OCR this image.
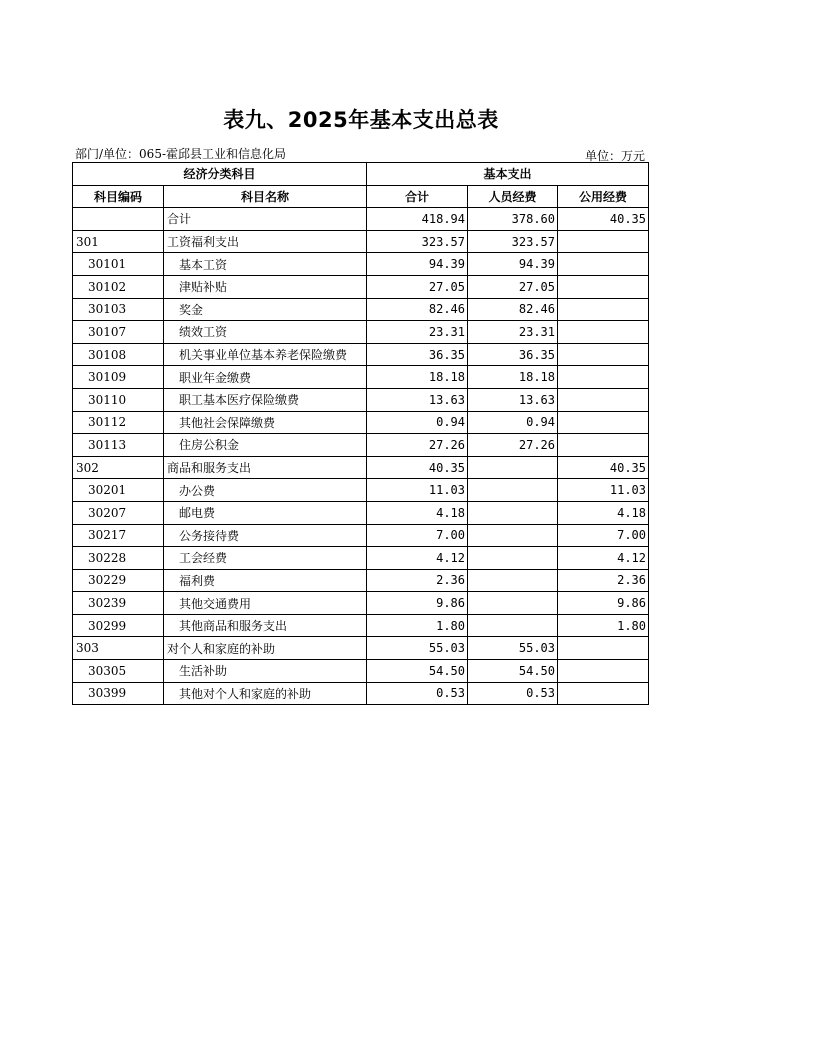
表九、2025年基本支出总表
部门/单位：065-霍邱县工业和信息化局	单位：万元
经济分类科目		基本支出		
科目编码	科目名称	合计	人员经费	公用经费
	合计	418.94	378.60	40.35
301	工资福利支出	323.57	323.57	
30101	基本工资	94.39	94.39	
30102	津贴补贴	27.05	27.05	
30103	奖金	82.46	82.46	
30107	绩效工资	23.31	23.31	
30108	机关事业单位基本养老保险缴费	36.35	36.35	
30109	职业年金缴费	18.18	18.18	
30110	职工基本医疗保险缴费	13.63	13.63	
30112	其他社会保障缴费	0.94	0.94	
30113	住房公积金	27.26	27.26	
302	商品和服务支出	40.35		40.35
30201	办公费	11.03		11.03
30207	邮电费	4.18		4.18
30217	公务接待费	7.00		7.00
30228	工会经费	4.12		4.12
30229	福利费	2.36		2.36
30239	其他交通费用	9.86		9.86
30299	其他商品和服务支出	1.80		1.80
303	对个人和家庭的补助	55.03	55.03	
30305	生活补助	54.50	54.50	
30399	其他对个人和家庭的补助	0.53	0.53	
